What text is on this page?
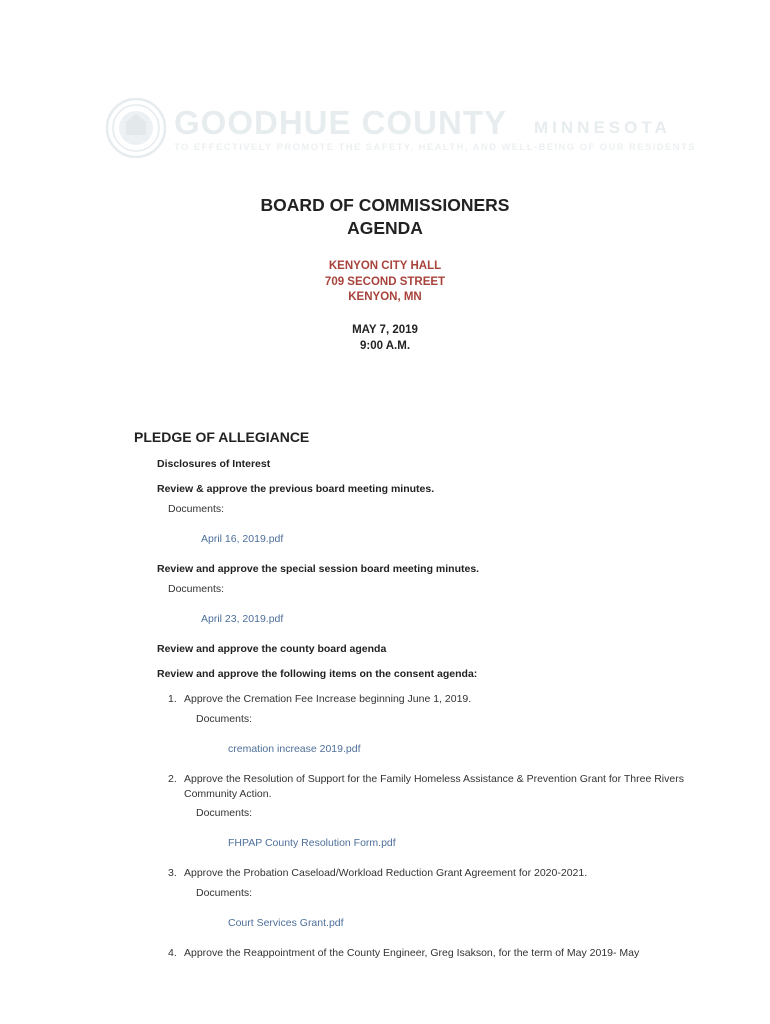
GOODHUE COUNTY MINNESOTA
TO EFFECTIVELY PROMOTE THE SAFETY, HEALTH, AND WELL-BEING OF OUR RESIDENTS
BOARD OF COMMISSIONERS
AGENDA
KENYON CITY HALL
709 SECOND STREET
KENYON, MN
MAY 7, 2019
9:00 A.M.
PLEDGE OF ALLEGIANCE
Disclosures of Interest
Review & approve the previous board meeting minutes.
Documents:
April 16, 2019.pdf
Review and approve the special session board meeting minutes.
Documents:
April 23, 2019.pdf
Review and approve the county board agenda
Review and approve the following items on the consent agenda:
1. Approve the Cremation Fee Increase beginning June 1, 2019.
Documents:
cremation increase 2019.pdf
2. Approve the Resolution of Support for the Family Homeless Assistance & Prevention Grant for Three Rivers Community Action.
Documents:
FHPAP County Resolution Form.pdf
3. Approve the Probation Caseload/Workload Reduction Grant Agreement for 2020-2021.
Documents:
Court Services Grant.pdf
4. Approve the Reappointment of the County Engineer, Greg Isakson, for the term of May 2019- May
